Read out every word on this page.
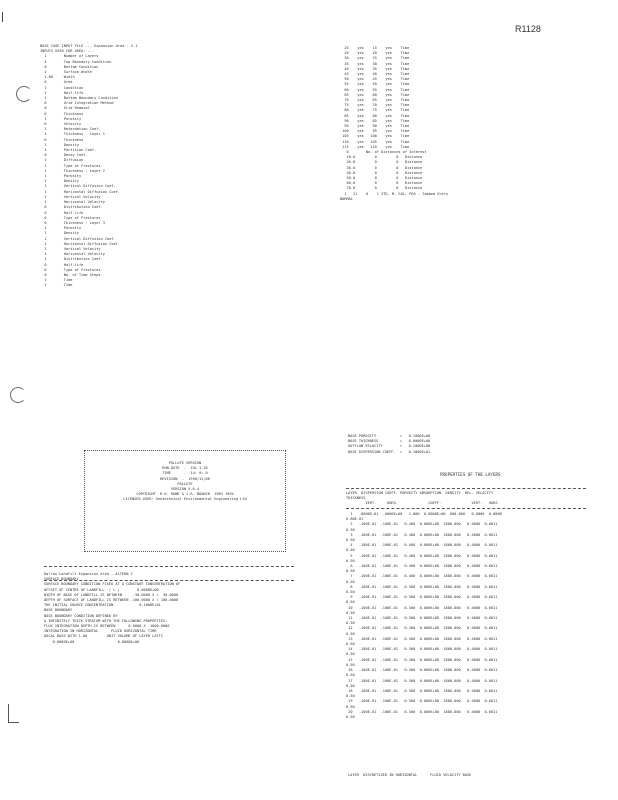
R1128
BASE CASE INPUT FILE ... Expansion Area - 2.1
INPUTS USED FOR AREA: ...
1        Number of Layers
4        Top Boundary Condition
0        Bottom Condition
1        Surface Width
1.00     Width
0        Area
1        Condition
1        Half-life
1        Bottom Boundary Condition
0        Grid Integration Method
0        Grid Removal
0        Thickness
1        Porosity
0        Velocity
1        Retardation Coef.
1        Thickness - Layer 1
0        Thickness
1        Density
1        Partition Coef.
0        Decay Coef.
1        Diffusion
1        Type of Fractures
1        Thickness - Layer 2
1        Porosity
1        Density
1        Vertical Diffusion Coef.
1        Horizontal Diffusion Coef.
1        Vertical Velocity
1        Horizontal Velocity
0        Distribution Coef.
0        Half-life
0        Type of Fractures
0        Thickness - Layer 3
1        Porosity
1        Density
1        Vertical Diffusion Coef.
1        Horizontal Diffusion Coef.
1        Vertical Velocity
1        Horizontal Velocity
1        Distribution Coef.
0        Half-life
0        Type of Fractures
0        No. of Time Steps
1        Time
1        Time
25    yes    15    yes    Time
26    yes    20    yes    Time
30    yes    25    yes    Time
35    yes    30    yes    Time
40    yes    35    yes    Time
45    yes    40    yes    Time
50    yes    45    yes    Time
55    yes    50    yes    Time
60    yes    55    yes    Time
65    yes    60    yes    Time
70    yes    65    yes    Time
75    yes    70    yes    Time
80    yes    75    yes    Time
85    yes    80    yes    Time
90    yes    85    yes    Time
95    yes    90    yes    Time
100    yes    95    yes    Time
105    yes   100    yes    Time
110    yes   105    yes    Time
115    yes   110    yes    Time
0        No. of Distances of Interest
10.0         0         0   Distance
20.0         0         0   Distance
30.0         0         0   Distance
40.0         0         0   Distance
50.0         0         0   Distance
60.0         0         0   Distance
70.0         0         0   Distance
1   21    0    1 STD, M, SOL, POS - Tabbed Entry
NORMAL
POLLUTE VERSION
RUN DATE  -  JUL 1-35
TIME      -  14: 0: 0
REVISION  -  1990/12/06
POLLUTE
VERSION 5.0.4
COPYRIGHT  R.K. ROWE & J.R. BOOKER  1983 1994
LICENSED USER: Geotechnical Environmental Engineering Ltd
Dallas Landfill Expansion Area - ALTERN 2
SURFACE BOUNDARY
SURFACE BOUNDARY CONDITION FIXED AT A CONSTANT CONCENTRATION OF
OFFSET OF CENTRE OF LANDFILL  ( L )        0.0000E+00
WIDTH OF BASE OF LANDFILL IS BETWEEN     -30.0000 X =  30.0000
DEPTH OF SURFACE OF LANDFILL IS BETWEEN -100.0000 X = 100.0000
THE INITIAL SOURCE CONCENTRATION            0.1000E+01
BASE BOUNDARY
BASE BOUNDARY CONDITION DEFINED BY
A INFINITELY THICK STRATUM WITH THE FOLLOWING PROPERTIES:
FLUX INTEGRATION DEPTH IS BETWEEN      0.0000 X  1000.0000
INTEGRATION IN HORIZONTAL      FLUID HORIZONTAL TIME
DOCAL BASE WITH 1.00         UNIT VOLUME OF LAYER LATTI
0.0000E+00                    0.0000E+00
BASE POROSITY           =   0.1000E+00
BASE THICKNESS          =   0.0000E+00
OUTFLOW VELOCITY        =   0.1000E+00
BASE DISPERSION COEFF.  =   0.1000E+01
PROPERTIES OF THE LAYERS
LAYER  DISPERSION COEFF. POROSITY ABSORPTION  DENSITY  REL. VELOCITY
THICKNESS
VERT.     HORZ.              COEFF.              VERT.   HORZ.
1   .0000E-01  .0000E+00   1.000  0.0000E+00  600.000   0.0000  0.0000
0.80E-01
2   .100E-01  .100E-01   0.400  0.000E+00  1800.000   0.4000  0.0011
0.50
3   .100E-01  .100E-01   0.400  0.000E+00  1800.000   0.4000  0.0011
0.50
4   .100E-01  .100E-01   0.400  0.000E+00  1800.000   0.4000  0.0011
0.50
5   .100E-01  .100E-01   0.400  0.000E+00  1800.000   0.4000  0.0011
0.50
6   .100E-01  .100E-01   0.400  0.000E+00  1800.000   0.4000  0.0011
0.50
7   .100E-01  .100E-01   0.400  0.000E+00  1800.000   0.4000  0.0011
0.50
8   .100E-01  .100E-01   0.300  0.000E+00  1800.000   0.4000  0.0011
0.50
9   .100E-01  .100E-01   0.300  0.000E+00  1800.000   0.4000  0.0011
0.50
10   .100E-01  .100E-01   0.300  0.000E+00  1800.000   0.4000  0.0011
0.50
11   .100E-01  .100E-01   0.300  0.000E+00  1800.000   0.4000  0.0011
0.50
12   .100E-01  .100E-01   0.300  0.000E+00  1800.000   0.4000  0.0011
0.50
13   .100E-01  .100E-01   0.300  0.000E+00  1800.000   0.4000  0.0011
0.50
14   .100E-01  .100E-01   0.300  0.000E+00  1800.000   0.4000  0.0011
0.50
15   .100E-01  .100E-01   0.300  0.000E+00  1800.000   0.4000  0.0011
0.50
16   .100E-01  .100E-01   0.300  0.000E+00  1800.000   0.4000  0.0011
0.50
17   .100E-01  .100E-01   0.300  0.000E+00  1800.000   0.4000  0.0011
0.50
18   .100E-01  .100E-01   0.300  0.000E+00  1800.000   0.4000  0.0011
0.50
19   .100E-01  .100E-01   0.300  0.000E+00  1800.000   0.4000  0.0011
0.50
20   .100E-01  .100E-01   0.300  0.000E+00  1800.000   0.4000  0.0011
0.50
LAYER  DISCRETIZED IN HORIZONTAL      FLUID VELOCITY BASE
